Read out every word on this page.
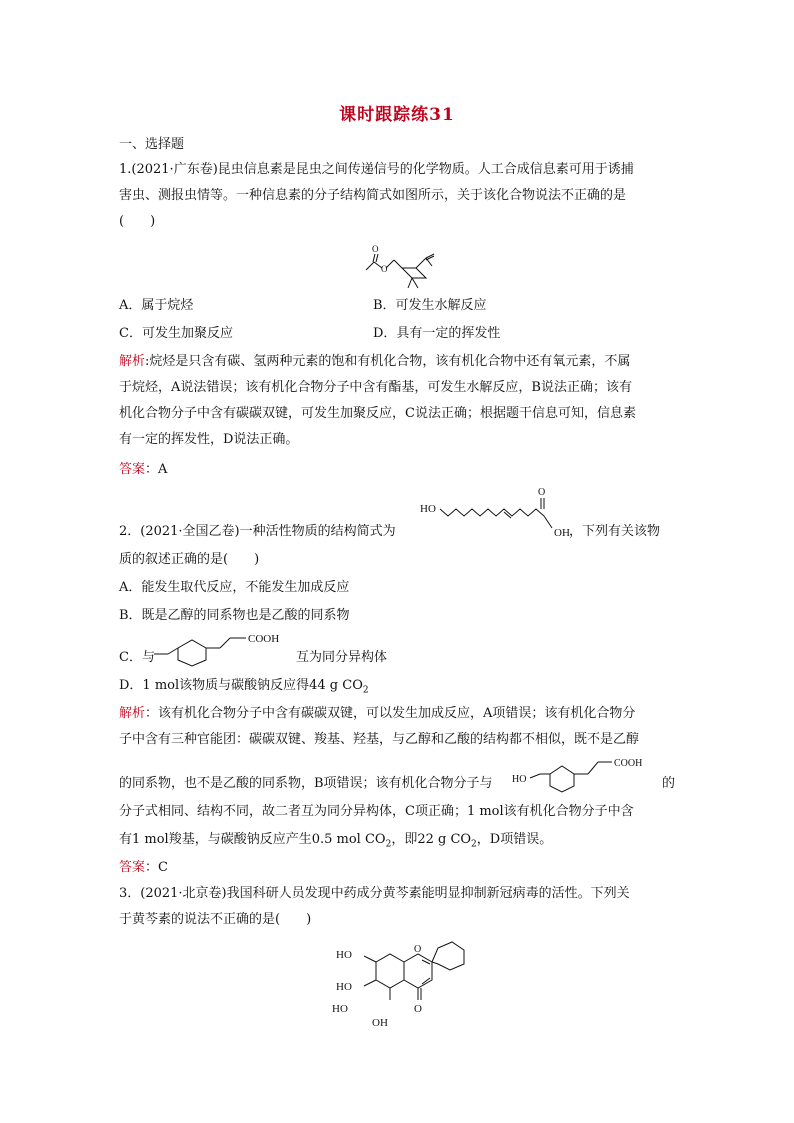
课时跟踪练31
一、选择题
1.(2021·广东卷)昆虫信息素是昆虫之间传递信号的化学物质。人工合成信息素可用于诱捕
害虫、测报虫情等。一种信息素的分子结构简式如图所示，关于该化合物说法不正确的是
(　　)
O
O
A．属于烷烃	B．可发生水解反应
C．可发生加聚反应	D．具有一定的挥发性
解析:烷烃是只含有碳、氢两种元素的饱和有机化合物，该有机化合物中还有氧元素，不属
于烷烃，A说法错误；该有机化合物分子中含有酯基，可发生水解反应，B说法正确；该有
机化合物分子中含有碳碳双键，可发生加聚反应，C说法正确；根据题干信息可知，信息素
有一定的挥发性，D说法正确。
答案：A
HO
O
OH
2．(2021·全国乙卷)一种活性物质的结构简式为	，下列有关该物
质的叙述正确的是(　　)
A．能发生取代反应，不能发生加成反应
B．既是乙醇的同系物也是乙酸的同系物
C．与
COOH
互为同分异构体
D．1 mol该物质与碳酸钠反应得44 g $CO_2$
解析：该有机化合物分子中含有碳碳双键，可以发生加成反应，A项错误；该有机化合物分
子中含有三种官能团：碳碳双键、羧基、羟基，与乙醇和乙酸的结构都不相似，既不是乙醇
的同系物，也不是乙酸的同系物，B项错误；该有机化合物分子与 HO
COOH
的
分子式相同、结构不同，故二者互为同分异构体，C项正确；1 mol该有机化合物分子中含
有1 mol羧基，与碳酸钠反应产生0.5 mol $CO_2$，即22 g $CO_2$，D项错误。
答案：C
3．(2021·北京卷)我国科研人员发现中药成分黄芩素能明显抑制新冠病毒的活性。下列关
于黄芩素的说法不正确的是(　　)
HO
HO
HO
OH
O
O
